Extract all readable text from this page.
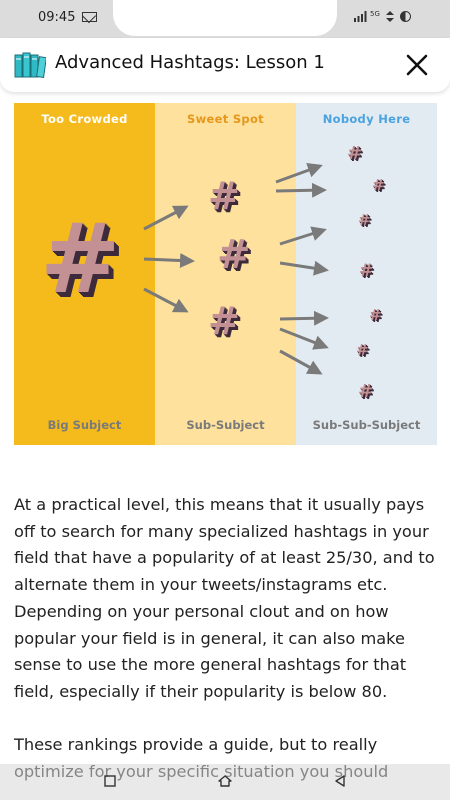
09:45	5G
Advanced Hashtags: Lesson 1
Too Crowded
Big Subject
Sweet Spot
Sub-Subject
Nobody Here
Sub-Sub-Subject
#
#
#
#
#
#
#
#
#
#
#

At a practical level, this means that it usually pays off to search for many specialized hashtags in your field that have a popularity of at least 25/30, and to alternate them in your tweets/instagrams etc. Depending on your personal clout and on how popular your field is in general, it can also make sense to use the more general hashtags for that field, especially if their popularity is below 80.

These rankings provide a guide, but to really
